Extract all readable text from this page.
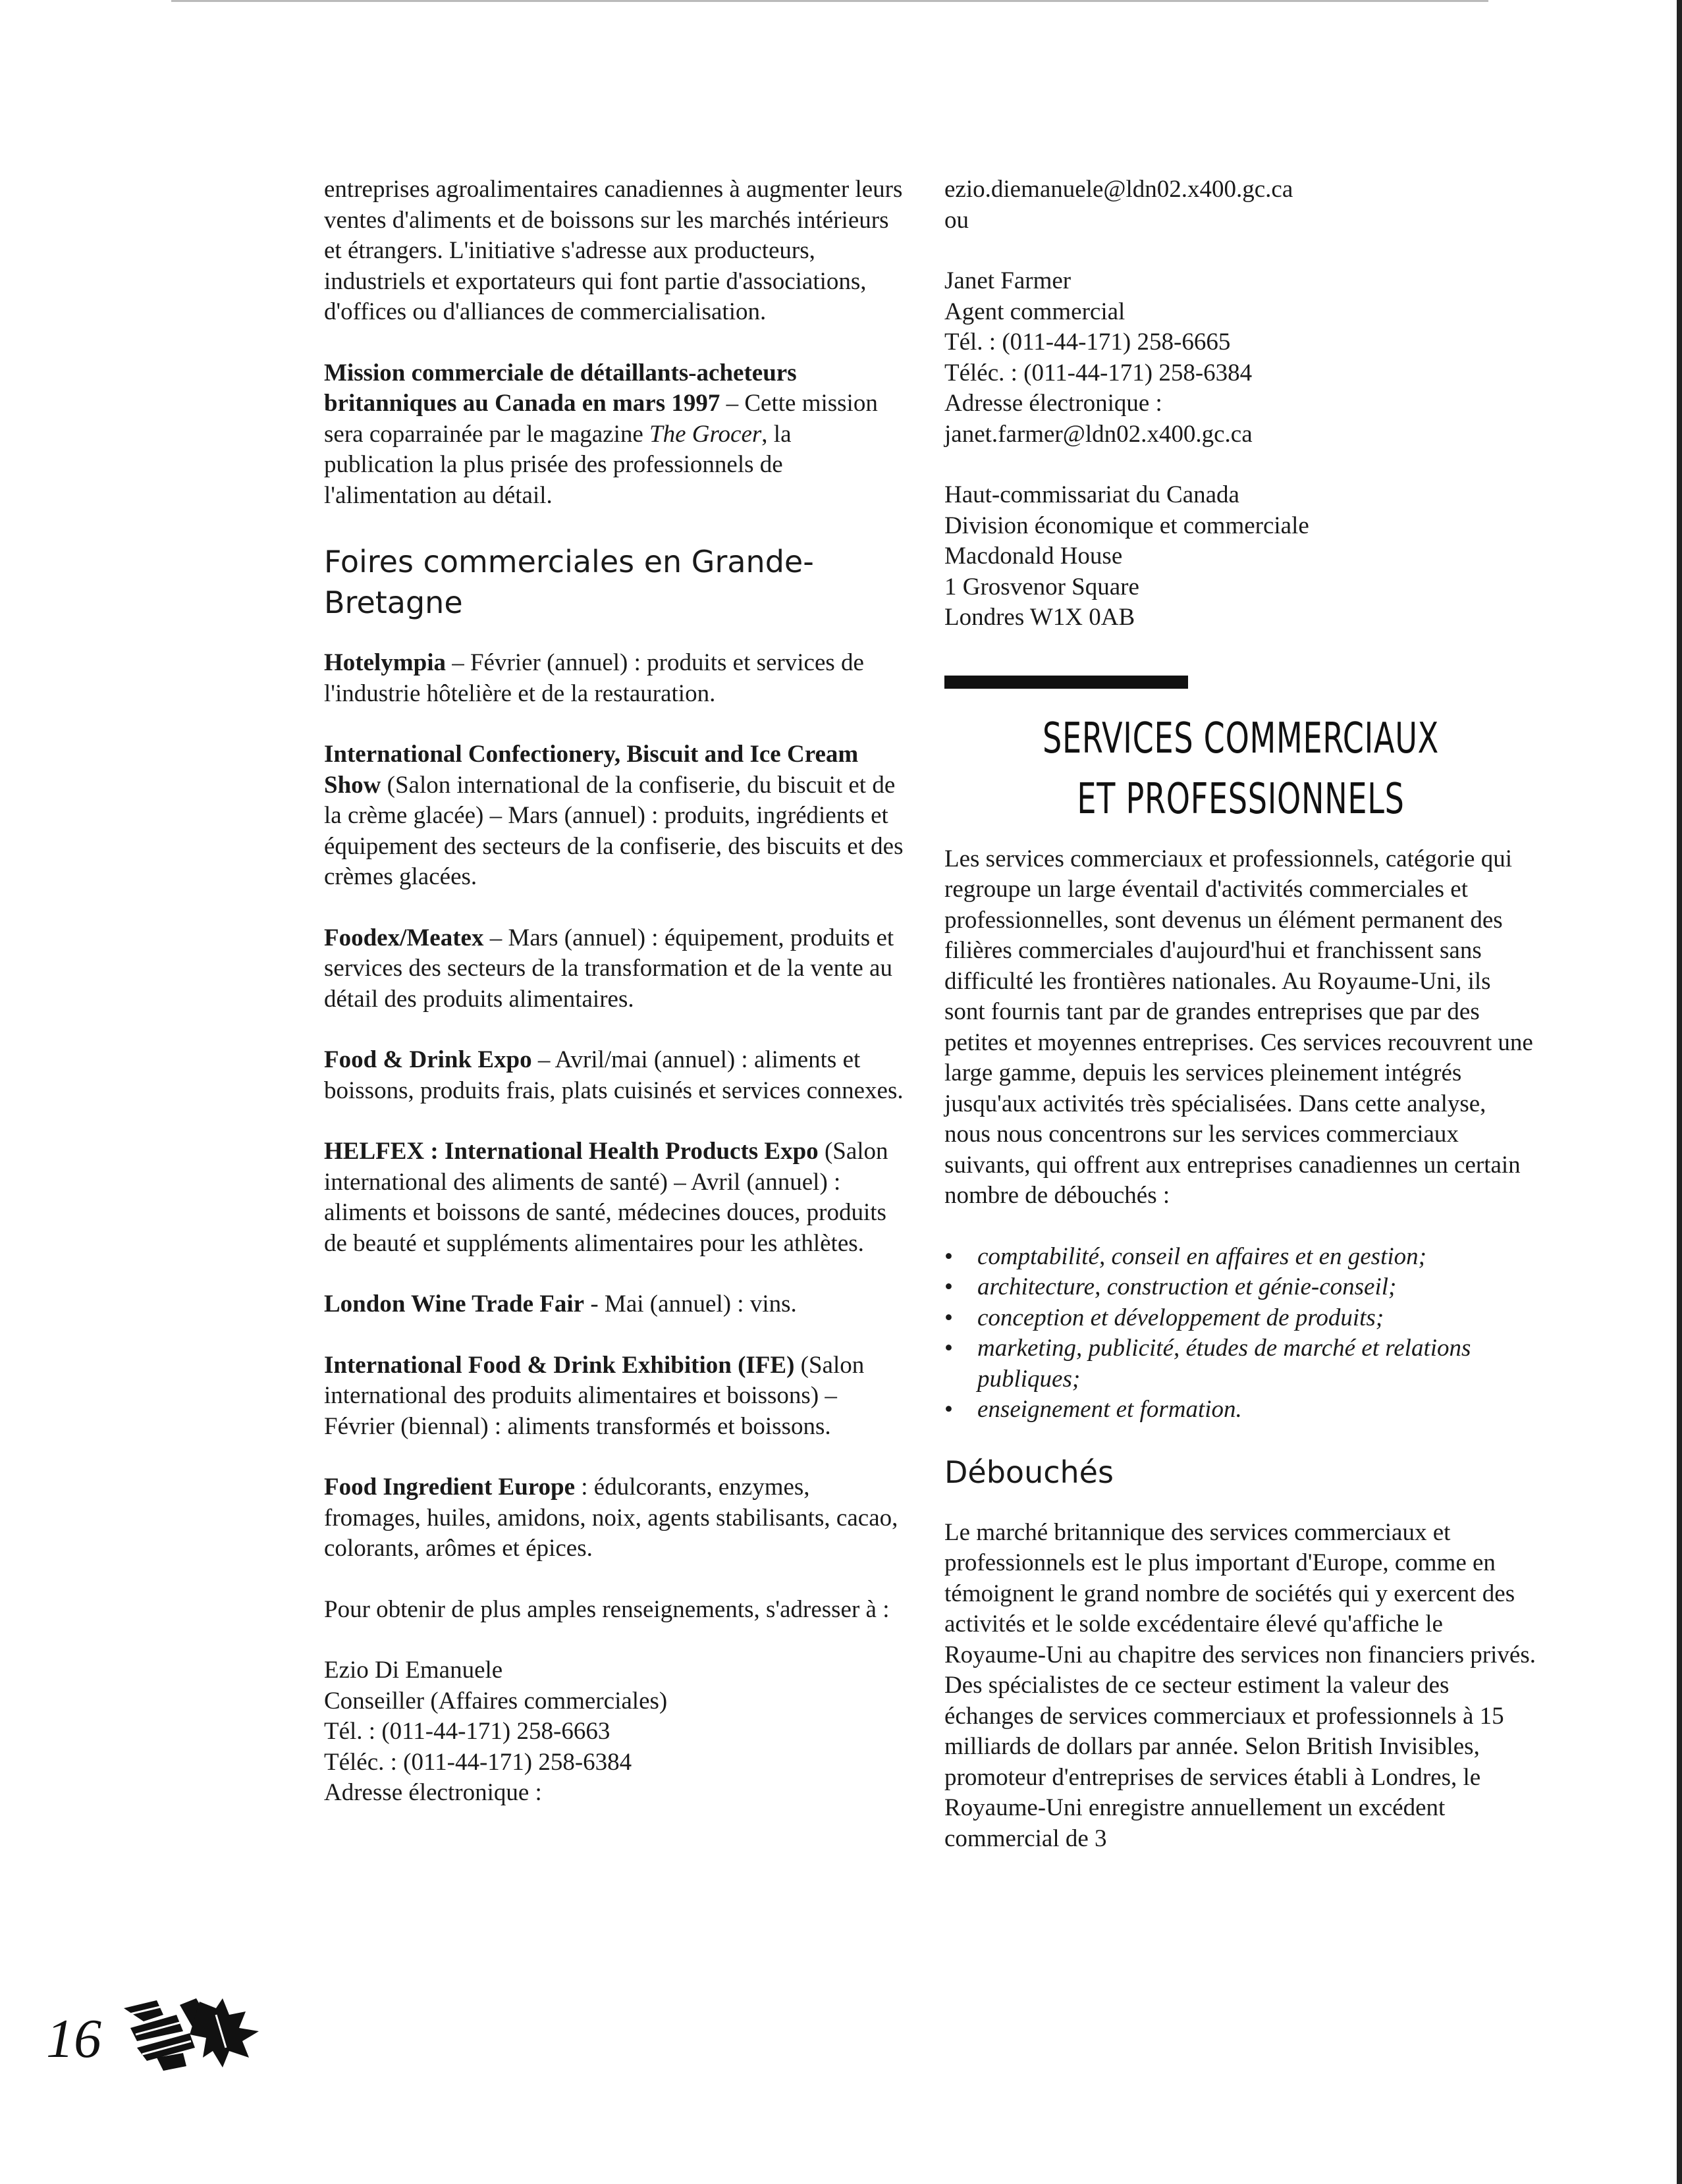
entreprises agroalimentaires canadiennes à augmenter leurs ventes d'aliments et de boissons sur les marchés intérieurs et étrangers. L'initiative s'adresse aux producteurs, industriels et exportateurs qui font partie d'associations, d'offices ou d'alliances de commercialisation.

Mission commerciale de détaillants-acheteurs britanniques au Canada en mars 1997 – Cette mission sera coparrainée par le magazine The Grocer, la publication la plus prisée des professionnels de l'alimentation au détail.

Foires commerciales en Grande-Bretagne

Hotelympia – Février (annuel) : produits et services de l'industrie hôtelière et de la restauration.

International Confectionery, Biscuit and Ice Cream Show (Salon international de la confiserie, du biscuit et de la crème glacée) – Mars (annuel) : produits, ingrédients et équipement des secteurs de la confiserie, des biscuits et des crèmes glacées.

Foodex/Meatex – Mars (annuel) : équipement, produits et services des secteurs de la transformation et de la vente au détail des produits alimentaires.

Food & Drink Expo – Avril/mai (annuel) : aliments et boissons, produits frais, plats cuisinés et services connexes.

HELFEX : International Health Products Expo (Salon international des aliments de santé) – Avril (annuel) : aliments et boissons de santé, médecines douces, produits de beauté et suppléments alimentaires pour les athlètes.

London Wine Trade Fair - Mai (annuel) : vins.

International Food & Drink Exhibition (IFE) (Salon international des produits alimentaires et boissons) – Février (biennal) : aliments transformés et boissons.

Food Ingredient Europe : édulcorants, enzymes, fromages, huiles, amidons, noix, agents stabilisants, cacao, colorants, arômes et épices.

Pour obtenir de plus amples renseignements, s'adresser à :

Ezio Di Emanuele
Conseiller (Affaires commerciales)
Tél. : (011-44-171) 258-6663
Téléc. : (011-44-171) 258-6384
Adresse électronique :
ezio.diemanuele@ldn02.x400.gc.ca
ou
Janet Farmer
Agent commercial
Tél. : (011-44-171) 258-6665
Téléc. : (011-44-171) 258-6384
Adresse électronique :
janet.farmer@ldn02.x400.gc.ca
Haut-commissariat du Canada
Division économique et commerciale
Macdonald House
1 Grosvenor Square
Londres W1X 0AB
SERVICES COMMERCIAUX
ET PROFESSIONNELS

Les services commerciaux et professionnels, catégorie qui regroupe un large éventail d'activités commerciales et professionnelles, sont devenus un élément permanent des filières commerciales d'aujourd'hui et franchissent sans difficulté les frontières nationales. Au Royaume-Uni, ils sont fournis tant par de grandes entreprises que par des petites et moyennes entreprises. Ces services recouvrent une large gamme, depuis les services pleinement intégrés jusqu'aux activités très spécialisées. Dans cette analyse, nous nous concentrons sur les services commerciaux suivants, qui offrent aux entreprises canadiennes un certain nombre de débouchés :

• comptabilité, conseil en affaires et en gestion;
• architecture, construction et génie-conseil;
• conception et développement de produits;
• marketing, publicité, études de marché et relations publiques;
• enseignement et formation.
Débouchés

Le marché britannique des services commerciaux et professionnels est le plus important d'Europe, comme en témoignent le grand nombre de sociétés qui y exercent des activités et le solde excédentaire élevé qu'affiche le Royaume-Uni au chapitre des services non financiers privés. Des spécialistes de ce secteur estiment la valeur des échanges de services commerciaux et professionnels à 15 milliards de dollars par année. Selon British Invisibles, promoteur d'entreprises de services établi à Londres, le Royaume-Uni enregistre annuellement un excédent commercial de 3

16
